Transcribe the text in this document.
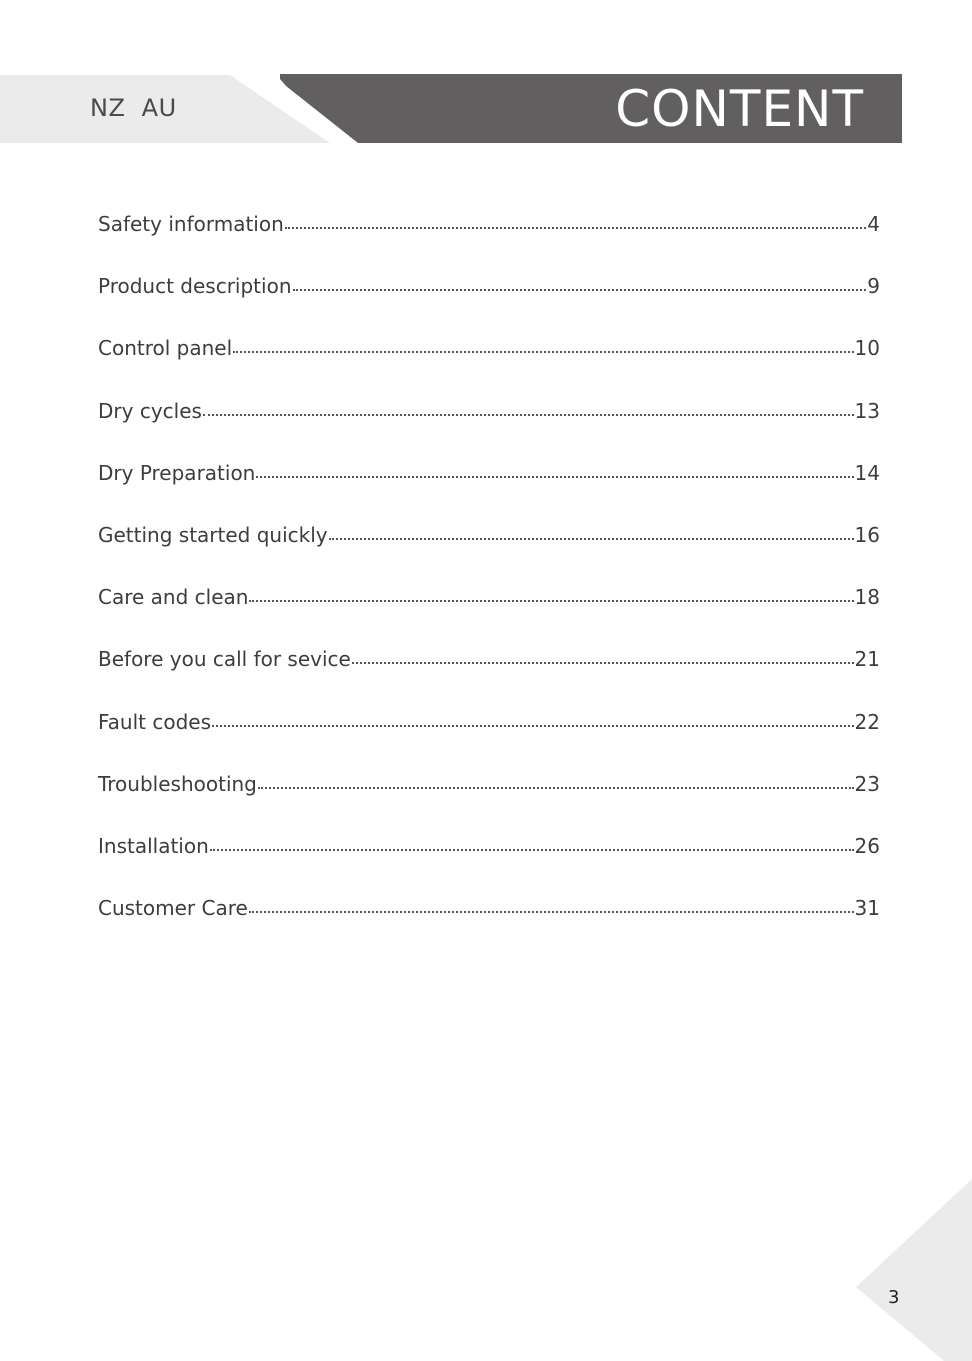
NZ  AU	CONTENT
Safety information	4
Product description	9
Control panel	10
Dry cycles	13
Dry Preparation	14
Getting started quickly	16
Care and clean	18
Before you call for sevice	21
Fault codes	22
Troubleshooting	23
Installation	26
Customer Care	31
3
